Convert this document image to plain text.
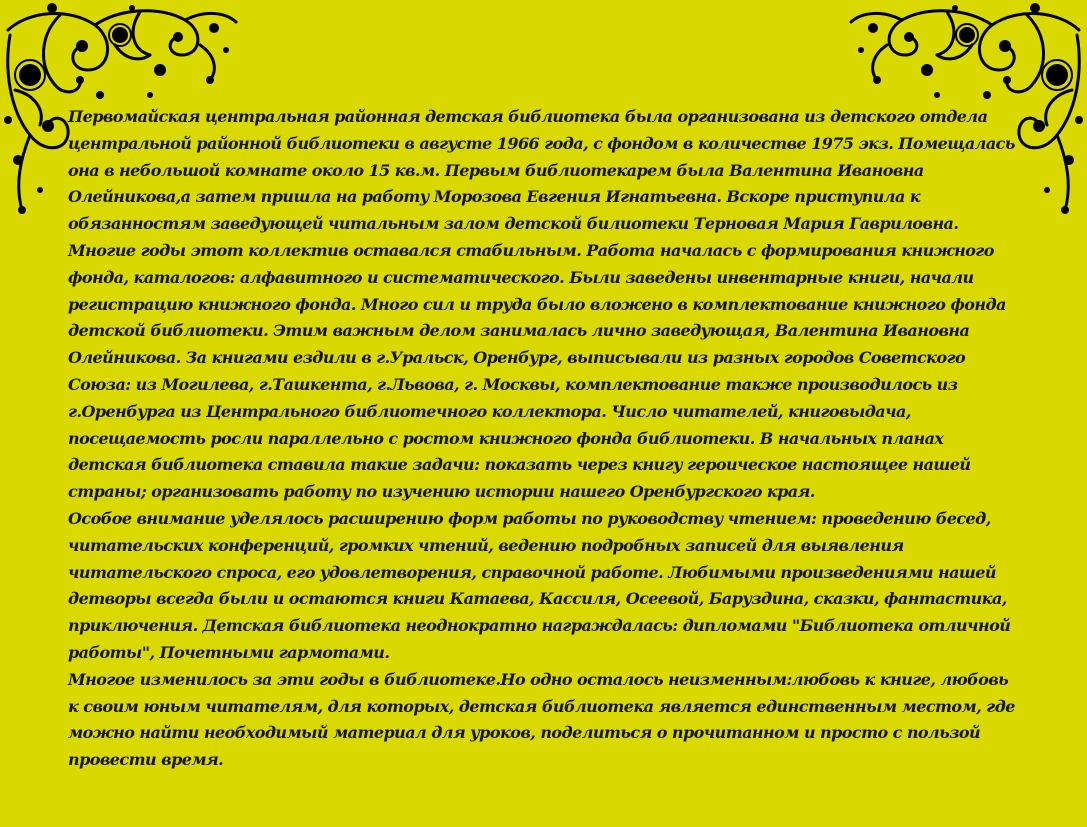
Первомайская центральная районная детская библиотека была организована из детского отдела центральной районной библиотеки в августе 1966 года, с фондом в количестве 1975 экз. Помещалась она в небольшой комнате около 15 кв.м. Первым библиотекарем была Валентина Ивановна Олейникова,а затем пришла на работу Морозова Евгения Игнатьевна. Вскоре приступила к обязанностям заведующей читальным залом детской билиотеки Терновая Мария Гавриловна. Многие годы этот коллектив оставался стабильным. Работа началась с формирования книжного фонда, каталогов: алфавитного и систематического. Были заведены инвентарные книги, начали регистрацию книжного фонда. Много сил и труда было вложено в комплектование книжного фонда детской библиотеки. Этим важным делом занималась лично заведующая, Валентина Ивановна Олейникова. За книгами ездили в г.Уральск, Оренбург, выписывали из разных городов Советского Союза: из Могилева, г.Ташкента, г.Львова, г. Москвы, комплектование также производилось из г.Оренбурга из Центрального библиотечного коллектора. Число читателей, книговыдача, посещаемость росли параллельно с ростом книжного фонда библиотеки. В начальных планах детская библиотека ставила такие задачи: показать через книгу героическое настоящее нашей страны; организовать работу по изучению истории нашего Оренбургского края.

Особое внимание уделялось расширению форм работы по руководству чтением: проведению бесед, читательских конференций, громких чтений, ведению подробных записей для выявления читательского спроса, его удовлетворения, справочной работе. Любимыми произведениями нашей детворы всегда были и остаются книги Катаева, Кассиля, Осеевой, Баруздина, сказки, фантастика, приключения. Детская библиотека неоднократно награждалась: дипломами "Библиотека отличной работы", Почетными гармотами.

Многое изменилось за эти годы в библиотеке.Но одно осталось неизменным:любовь к книге, любовь к своим юным читателям, для которых, детская библиотека является единственным местом, где можно найти необходимый материал для уроков, поделиться о прочитанном и просто с пользой провести время.
